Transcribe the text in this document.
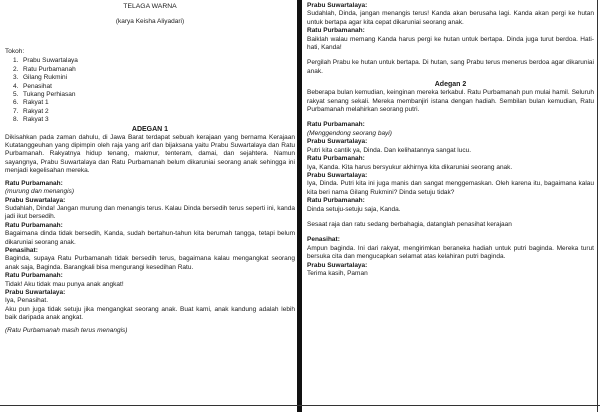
TELAGA WARNA
(karya Keisha Aliyadari)
Tokoh:
1. Prabu Suwartalaya
2. Ratu Purbamanah
3. Gilang Rukmini
4. Penasihat
5. Tukang Perhiasan
6. Rakyat 1
7. Rakyat 2
8. Rakyat 3
ADEGAN 1
Dikisahkan pada zaman dahulu, di Jawa Barat terdapat sebuah kerajaan yang bernama Kerajaan Kutatanggeuhan yang dipimpin oleh raja yang arif dan bijaksana yaitu Prabu Suwartalaya dan Ratu Purbamanah. Rakyatnya hidup tenang, makmur, tenteram, damai, dan sejahtera. Namun sayangnya, Prabu Suwartalaya dan Ratu Purbamanah belum dikaruniai seorang anak sehingga ini menjadi kegelisahan mereka.
Ratu Purbamanah:
(murung dan menangis)
Prabu Suwartalaya:
Sudahlah, Dinda! Jangan murung dan menangis terus. Kalau Dinda bersedih terus seperti ini, kanda jadi ikut bersedih.
Ratu Purbamanah:
Bagaimana dinda tidak bersedih, Kanda, sudah bertahun-tahun kita berumah tangga, tetapi belum dikaruniai seorang anak.
Penasihat:
Baginda, supaya Ratu Purbamanah tidak bersedih terus, bagaimana kalau mengangkat seorang anak saja, Baginda. Barangkali bisa mengurangi kesedihan Ratu.
Ratu Purbamanah:
Tidak! Aku tidak mau punya anak angkat!
Prabu Suwartalaya:
Iya, Penasihat.
Aku pun juga tidak setuju jika mengangkat seorang anak. Buat kami, anak kandung adalah lebih baik daripada anak angkat.
(Ratu Purbamanah masih terus menangis)
Prabu Suwartalaya:
Sudahlah, Dinda, jangan menangis terus! Kanda akan berusaha lagi. Kanda akan pergi ke hutan untuk bertapa agar kita cepat dikaruniai seorang anak.
Ratu Purbamanah:
Baiklah walau memang Kanda harus pergi ke hutan untuk bertapa. Dinda juga turut berdoa. Hati-hati, Kanda!
Pergilah Prabu ke hutan untuk bertapa. Di hutan, sang Prabu terus menerus berdoa agar dikaruniai anak.
Adegan 2
Beberapa bulan kemudian, keinginan mereka terkabul. Ratu Purbamanah pun mulai hamil. Seluruh rakyat senang sekali. Mereka membanjiri istana dengan hadiah. Sembilan bulan kemudian, Ratu Purbamanah melahirkan seorang putri.
Ratu Purbamanah:
(Menggendong seorang bayi)
Prabu Suwartalaya:
Putri kita cantik ya, Dinda. Dan kelihatannya sangat lucu.
Ratu Purbamanah:
Iya, Kanda. Kita harus bersyukur akhirnya kita dikaruniai seorang anak.
Prabu Suwartalaya:
Iya, Dinda. Putri kita ini juga manis dan sangat menggemaskan. Oleh karena itu, bagaimana kalau kita beri nama Gilang Rukmini? Dinda setuju tidak?
Ratu Purbamanah:
Dinda setuju-setuju saja, Kanda.
Sesaat raja dan ratu sedang berbahagia, datanglah penasihat kerajaan
Penasihat:
Ampun baginda. Ini dari rakyat, mengirimkan beraneka hadiah untuk putri baginda. Mereka turut bersuka cita dan mengucapkan selamat atas kelahiran putri baginda.
Prabu Suwartalaya:
Terima kasih, Paman
